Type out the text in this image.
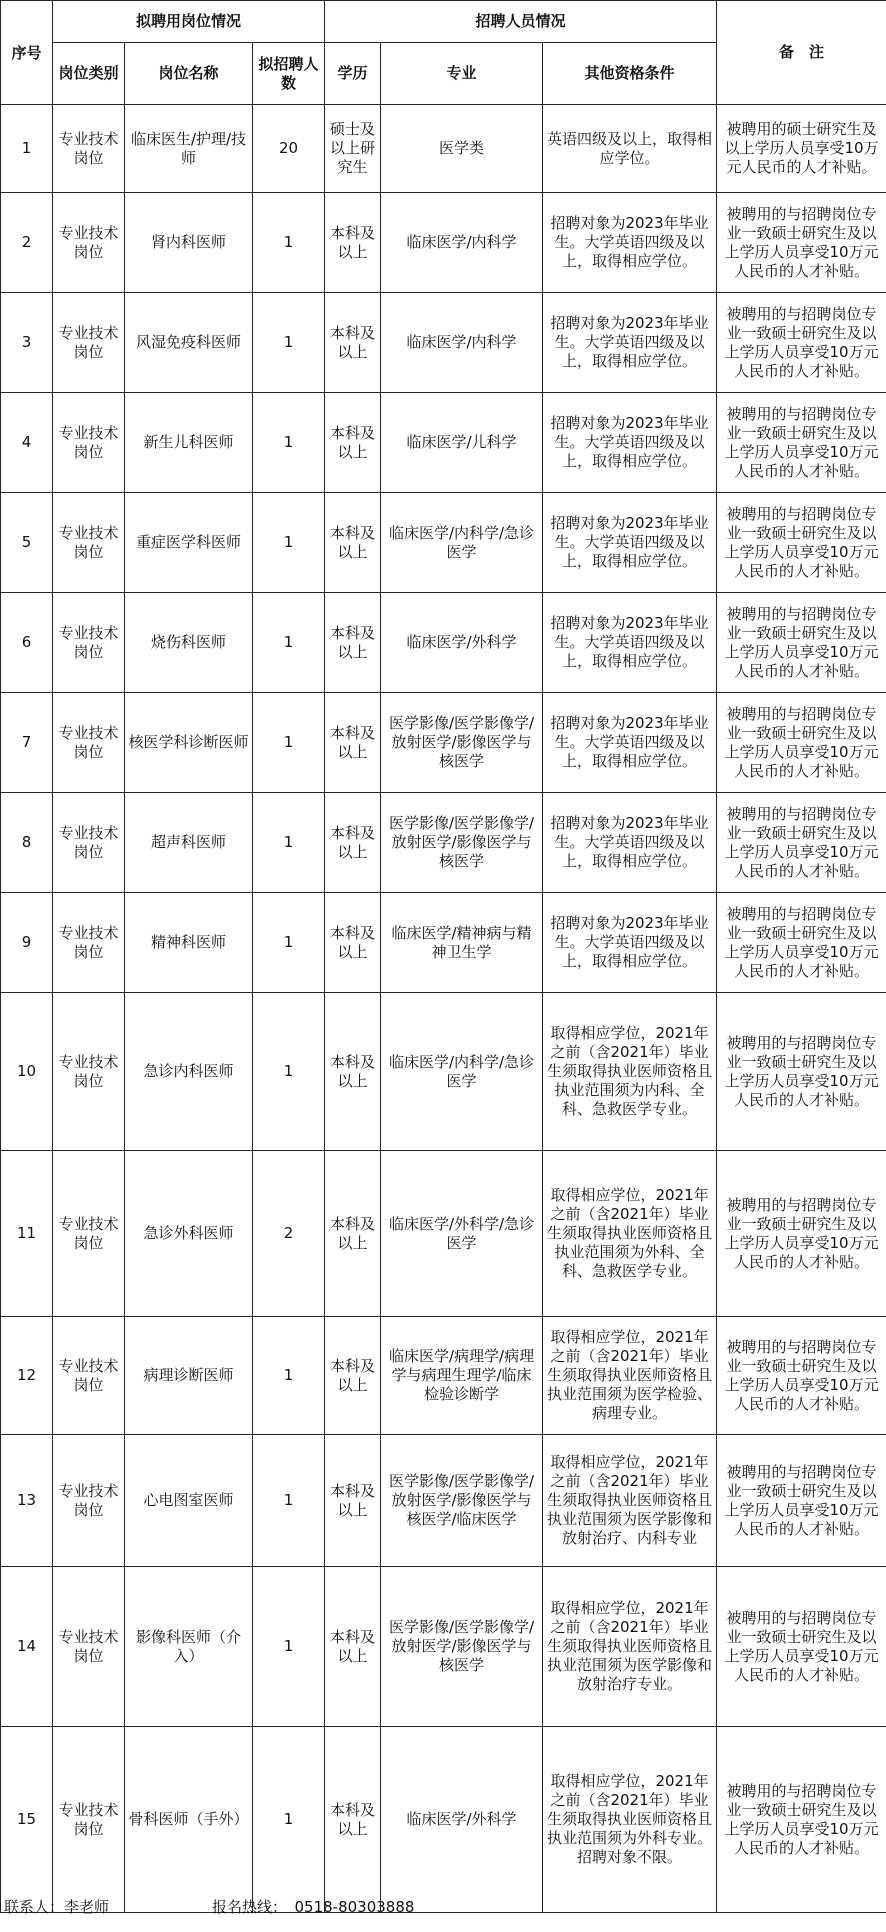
序号	拟聘用岗位情况			招聘人员情况			备　注
	岗位类别	岗位名称	拟招聘人数	学历	专业	其他资格条件	
1	专业技术岗位	临床医生/护理/技师	20	硕士及以上研究生	医学类	英语四级及以上，取得相应学位。	被聘用的硕士研究生及以上学历人员享受10万元人民币的人才补贴。
2	专业技术岗位	肾内科医师	1	本科及以上	临床医学/内科学	招聘对象为2023年毕业生。大学英语四级及以上，取得相应学位。	被聘用的与招聘岗位专业一致硕士研究生及以上学历人员享受10万元人民币的人才补贴。
3	专业技术岗位	风湿免疫科医师	1	本科及以上	临床医学/内科学	招聘对象为2023年毕业生。大学英语四级及以上，取得相应学位。	被聘用的与招聘岗位专业一致硕士研究生及以上学历人员享受10万元人民币的人才补贴。
4	专业技术岗位	新生儿科医师	1	本科及以上	临床医学/儿科学	招聘对象为2023年毕业生。大学英语四级及以上，取得相应学位。	被聘用的与招聘岗位专业一致硕士研究生及以上学历人员享受10万元人民币的人才补贴。
5	专业技术岗位	重症医学科医师	1	本科及以上	临床医学/内科学/急诊医学	招聘对象为2023年毕业生。大学英语四级及以上，取得相应学位。	被聘用的与招聘岗位专业一致硕士研究生及以上学历人员享受10万元人民币的人才补贴。
6	专业技术岗位	烧伤科医师	1	本科及以上	临床医学/外科学	招聘对象为2023年毕业生。大学英语四级及以上，取得相应学位。	被聘用的与招聘岗位专业一致硕士研究生及以上学历人员享受10万元人民币的人才补贴。
7	专业技术岗位	核医学科诊断医师	1	本科及以上	医学影像/医学影像学/放射医学/影像医学与核医学	招聘对象为2023年毕业生。大学英语四级及以上，取得相应学位。	被聘用的与招聘岗位专业一致硕士研究生及以上学历人员享受10万元人民币的人才补贴。
8	专业技术岗位	超声科医师	1	本科及以上	医学影像/医学影像学/放射医学/影像医学与核医学	招聘对象为2023年毕业生。大学英语四级及以上，取得相应学位。	被聘用的与招聘岗位专业一致硕士研究生及以上学历人员享受10万元人民币的人才补贴。
9	专业技术岗位	精神科医师	1	本科及以上	临床医学/精神病与精神卫生学	招聘对象为2023年毕业生。大学英语四级及以上，取得相应学位。	被聘用的与招聘岗位专业一致硕士研究生及以上学历人员享受10万元人民币的人才补贴。
10	专业技术岗位	急诊内科医师	1	本科及以上	临床医学/内科学/急诊医学	取得相应学位，2021年之前（含2021年）毕业生须取得执业医师资格且执业范围须为内科、全科、急救医学专业。	被聘用的与招聘岗位专业一致硕士研究生及以上学历人员享受10万元人民币的人才补贴。
11	专业技术岗位	急诊外科医师	2	本科及以上	临床医学/外科学/急诊医学	取得相应学位，2021年之前（含2021年）毕业生须取得执业医师资格且执业范围须为外科、全科、急救医学专业。	被聘用的与招聘岗位专业一致硕士研究生及以上学历人员享受10万元人民币的人才补贴。
12	专业技术岗位	病理诊断医师	1	本科及以上	临床医学/病理学/病理学与病理生理学/临床检验诊断学	取得相应学位，2021年之前（含2021年）毕业生须取得执业医师资格且执业范围须为医学检验、病理专业。	被聘用的与招聘岗位专业一致硕士研究生及以上学历人员享受10万元人民币的人才补贴。
13	专业技术岗位	心电图室医师	1	本科及以上	医学影像/医学影像学/放射医学/影像医学与核医学/临床医学	取得相应学位，2021年之前（含2021年）毕业生须取得执业医师资格且执业范围须为医学影像和放射治疗、内科专业	被聘用的与招聘岗位专业一致硕士研究生及以上学历人员享受10万元人民币的人才补贴。
14	专业技术岗位	影像科医师（介入）	1	本科及以上	医学影像/医学影像学/放射医学/影像医学与核医学	取得相应学位，2021年之前（含2021年）毕业生须取得执业医师资格且执业范围须为医学影像和放射治疗专业。	被聘用的与招聘岗位专业一致硕士研究生及以上学历人员享受10万元人民币的人才补贴。
15	专业技术岗位	骨科医师（手外）	1	本科及以上	临床医学/外科学	取得相应学位，2021年之前（含2021年）毕业生须取得执业医师资格且执业范围须为外科专业。招聘对象不限。	被聘用的与招聘岗位专业一致硕士研究生及以上学历人员享受10万元人民币的人才补贴。
联系人：李老师	报名热线：　0518-80303888
